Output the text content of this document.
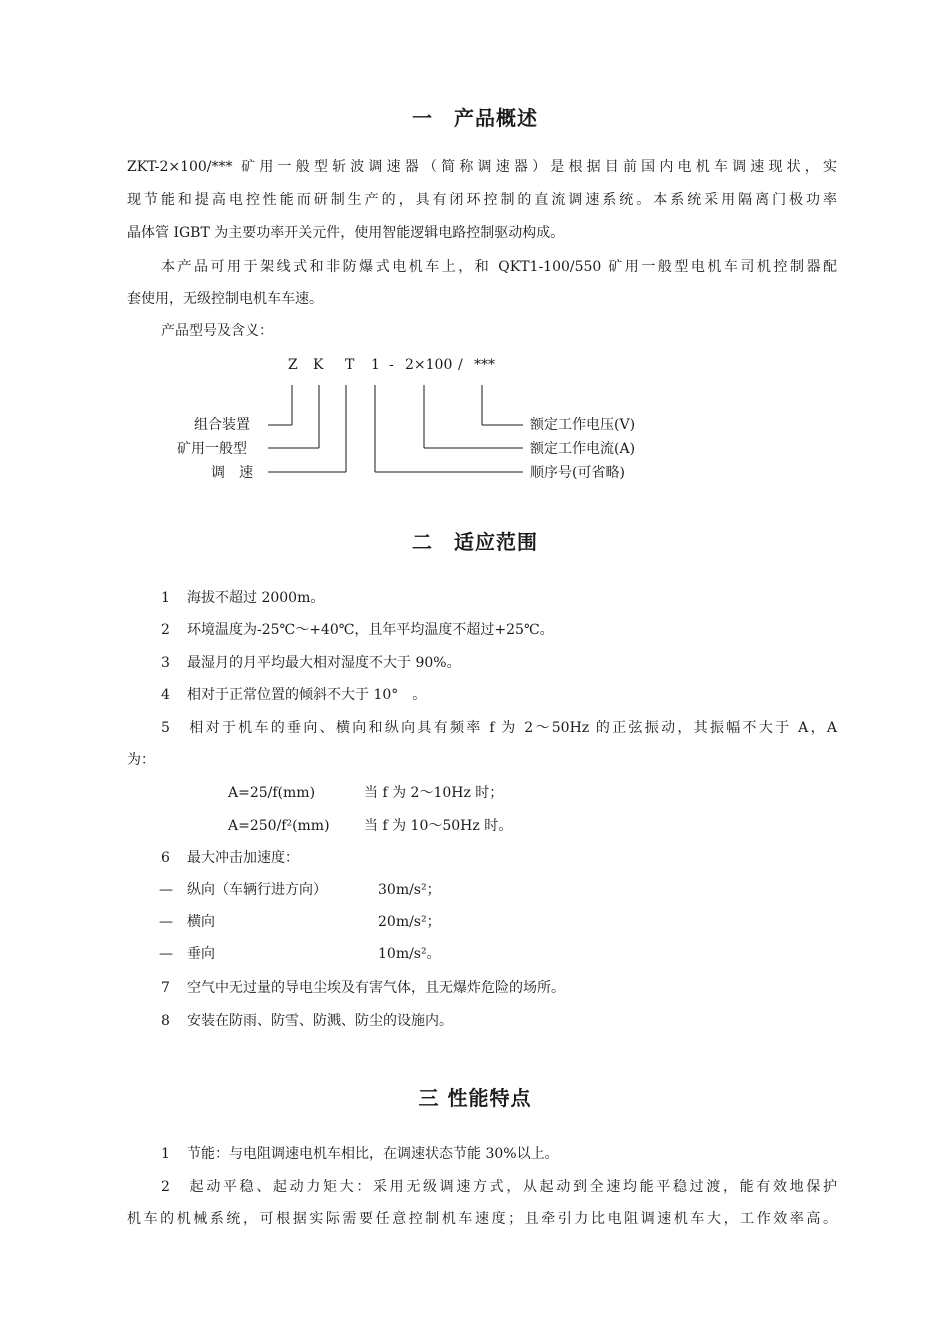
一　产品概述
ZKT-2×100/*** 矿用一般型斩波调速器（简称调速器）是根据目前国内电机车调速现状，实
现节能和提高电控性能而研制生产的，具有闭环控制的直流调速系统。本系统采用隔离门极功率
晶体管 IGBT 为主要功率开关元件，使用智能逻辑电路控制驱动构成。
本产品可用于架线式和非防爆式电机车上，和 QKT1-100/550 矿用一般型电机车司机控制器配
套使用，无级控制电机车车速。
产品型号及含义：
Z K T 1 - 2×100 / ***
组合装置
矿用一般型
调　速
额定工作电压(V)
额定工作电流(A)
顺序号(可省略)
二　适应范围
1 海拔不超过 2000m。
2 环境温度为-25℃～+40℃，且年平均温度不超过+25℃。
3 最湿月的月平均最大相对湿度不大于 90%。
4 相对于正常位置的倾斜不大于 10°　。
5 相对于机车的垂向、横向和纵向具有频率 f 为 2～50Hz 的正弦振动，其振幅不大于 A，A
为：
A=25/f(mm)	当 f 为 2～10Hz 时；
A=250/f²(mm) 当 f 为 10～50Hz 时。
6 最大冲击加速度：
—　纵向（车辆行进方向）	30m/s²；
—　横向	20m/s²；
—　垂向	10m/s²。
7 空气中无过量的导电尘埃及有害气体，且无爆炸危险的场所。
8 安装在防雨、防雪、防溅、防尘的设施内。
三 性能特点
1 节能：与电阻调速电机车相比，在调速状态节能 30%以上。
2 起动平稳、起动力矩大：采用无级调速方式，从起动到全速均能平稳过渡，能有效地保护
机车的机械系统，可根据实际需要任意控制机车速度；且牵引力比电阻调速机车大，工作效率高。
